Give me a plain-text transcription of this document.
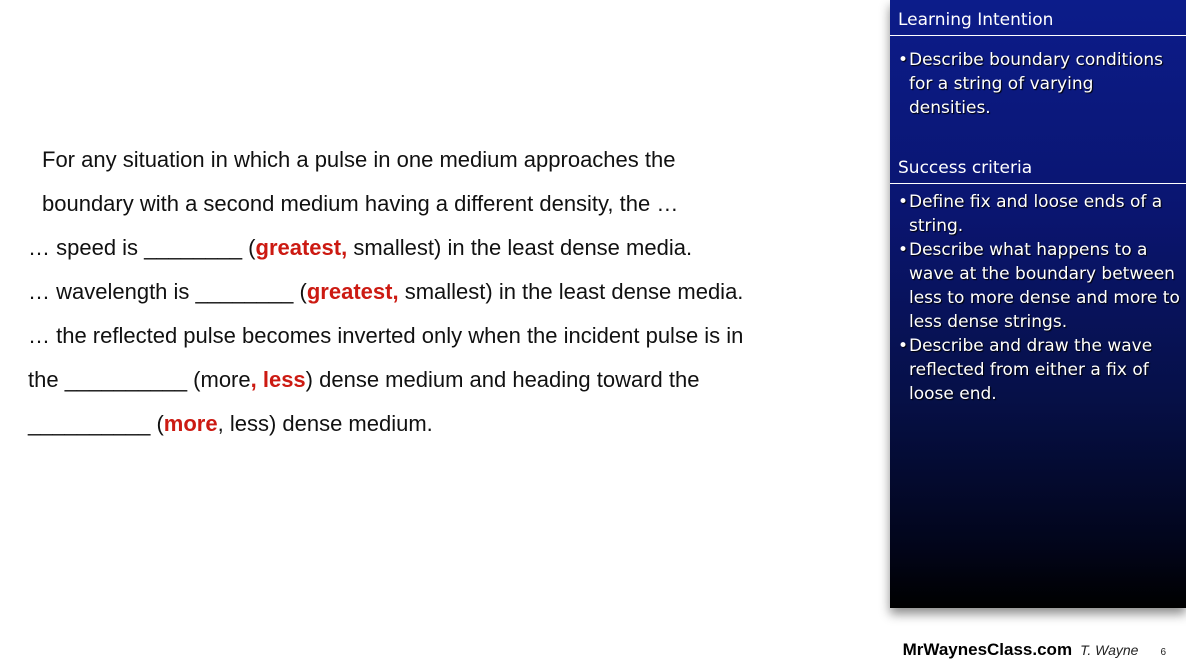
For any situation in which a pulse in one medium approaches the
boundary with a second medium having a different density, the …
… speed is ________ (greatest, smallest) in the least dense media.
… wavelength is ________ (greatest, smallest) in the least dense media.
… the reflected pulse becomes inverted only when the incident pulse is in
the __________ (more, less) dense medium and heading toward the
__________ (more, less) dense medium.
Learning Intention
• Describe boundary conditions for a string of varying densities.
Success criteria
• Define fix and loose ends of a string.
• Describe what happens to a wave at the boundary between less to more dense and more to less dense strings.
• Describe and draw the wave reflected from either a fix of loose end.
MrWaynesClass.com T. Wayne 6
